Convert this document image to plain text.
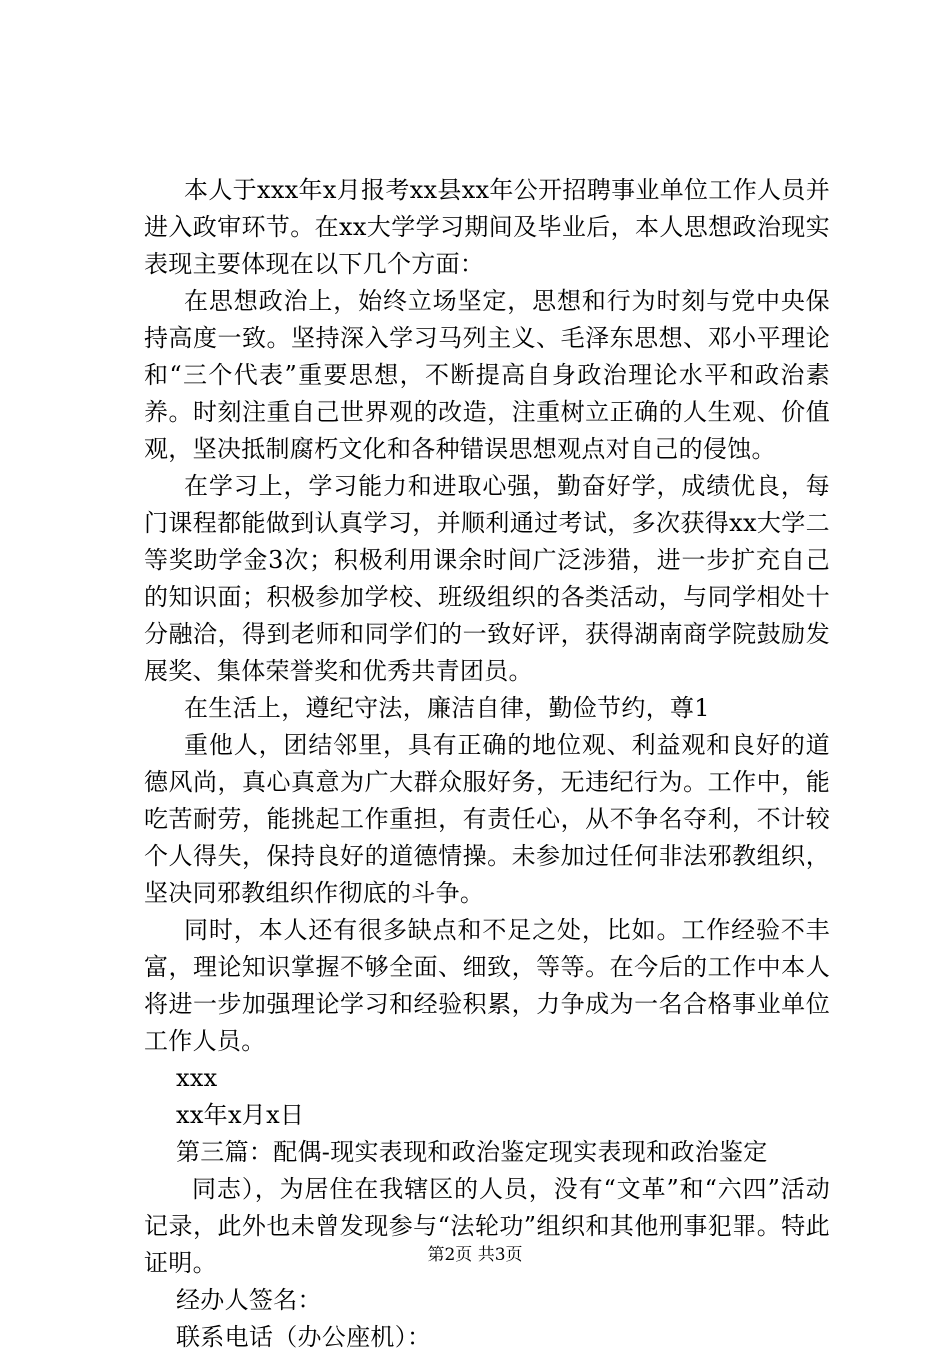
本人于xxx年x月报考xx县xx年公开招聘事业单位工作人员并进入政审环节。在xx大学学习期间及毕业后，本人思想政治现实表现主要体现在以下几个方面：

在思想政治上，始终立场坚定，思想和行为时刻与党中央保持高度一致。坚持深入学习马列主义、毛泽东思想、邓小平理论和“三个代表”重要思想，不断提高自身政治理论水平和政治素养。时刻注重自己世界观的改造，注重树立正确的人生观、价值观，坚决抵制腐朽文化和各种错误思想观点对自己的侵蚀。

在学习上，学习能力和进取心强，勤奋好学，成绩优良，每门课程都能做到认真学习，并顺利通过考试，多次获得xx大学二等奖助学金3次；积极利用课余时间广泛涉猎，进一步扩充自己的知识面；积极参加学校、班级组织的各类活动，与同学相处十分融洽，得到老师和同学们的一致好评，获得湖南商学院鼓励发展奖、集体荣誉奖和优秀共青团员。

在生活上，遵纪守法，廉洁自律，勤俭节约，尊1

重他人，团结邻里，具有正确的地位观、利益观和良好的道德风尚，真心真意为广大群众服好务，无违纪行为。工作中，能吃苦耐劳，能挑起工作重担，有责任心，从不争名夺利，不计较个人得失，保持良好的道德情操。未参加过任何非法邪教组织，坚决同邪教组织作彻底的斗争。

同时，本人还有很多缺点和不足之处，比如。工作经验不丰富，理论知识掌握不够全面、细致，等等。在今后的工作中本人将进一步加强理论学习和经验积累，力争成为一名合格事业单位工作人员。

xxx

xx年x月x日

第三篇：配偶-现实表现和政治鉴定现实表现和政治鉴定

同志），为居住在我辖区的人员，没有“文革”和“六四”活动记录，此外也未曾发现参与“法轮功”组织和其他刑事犯罪。特此证明。

经办人签名：

联系电话（办公座机）：

第2页 共3页
